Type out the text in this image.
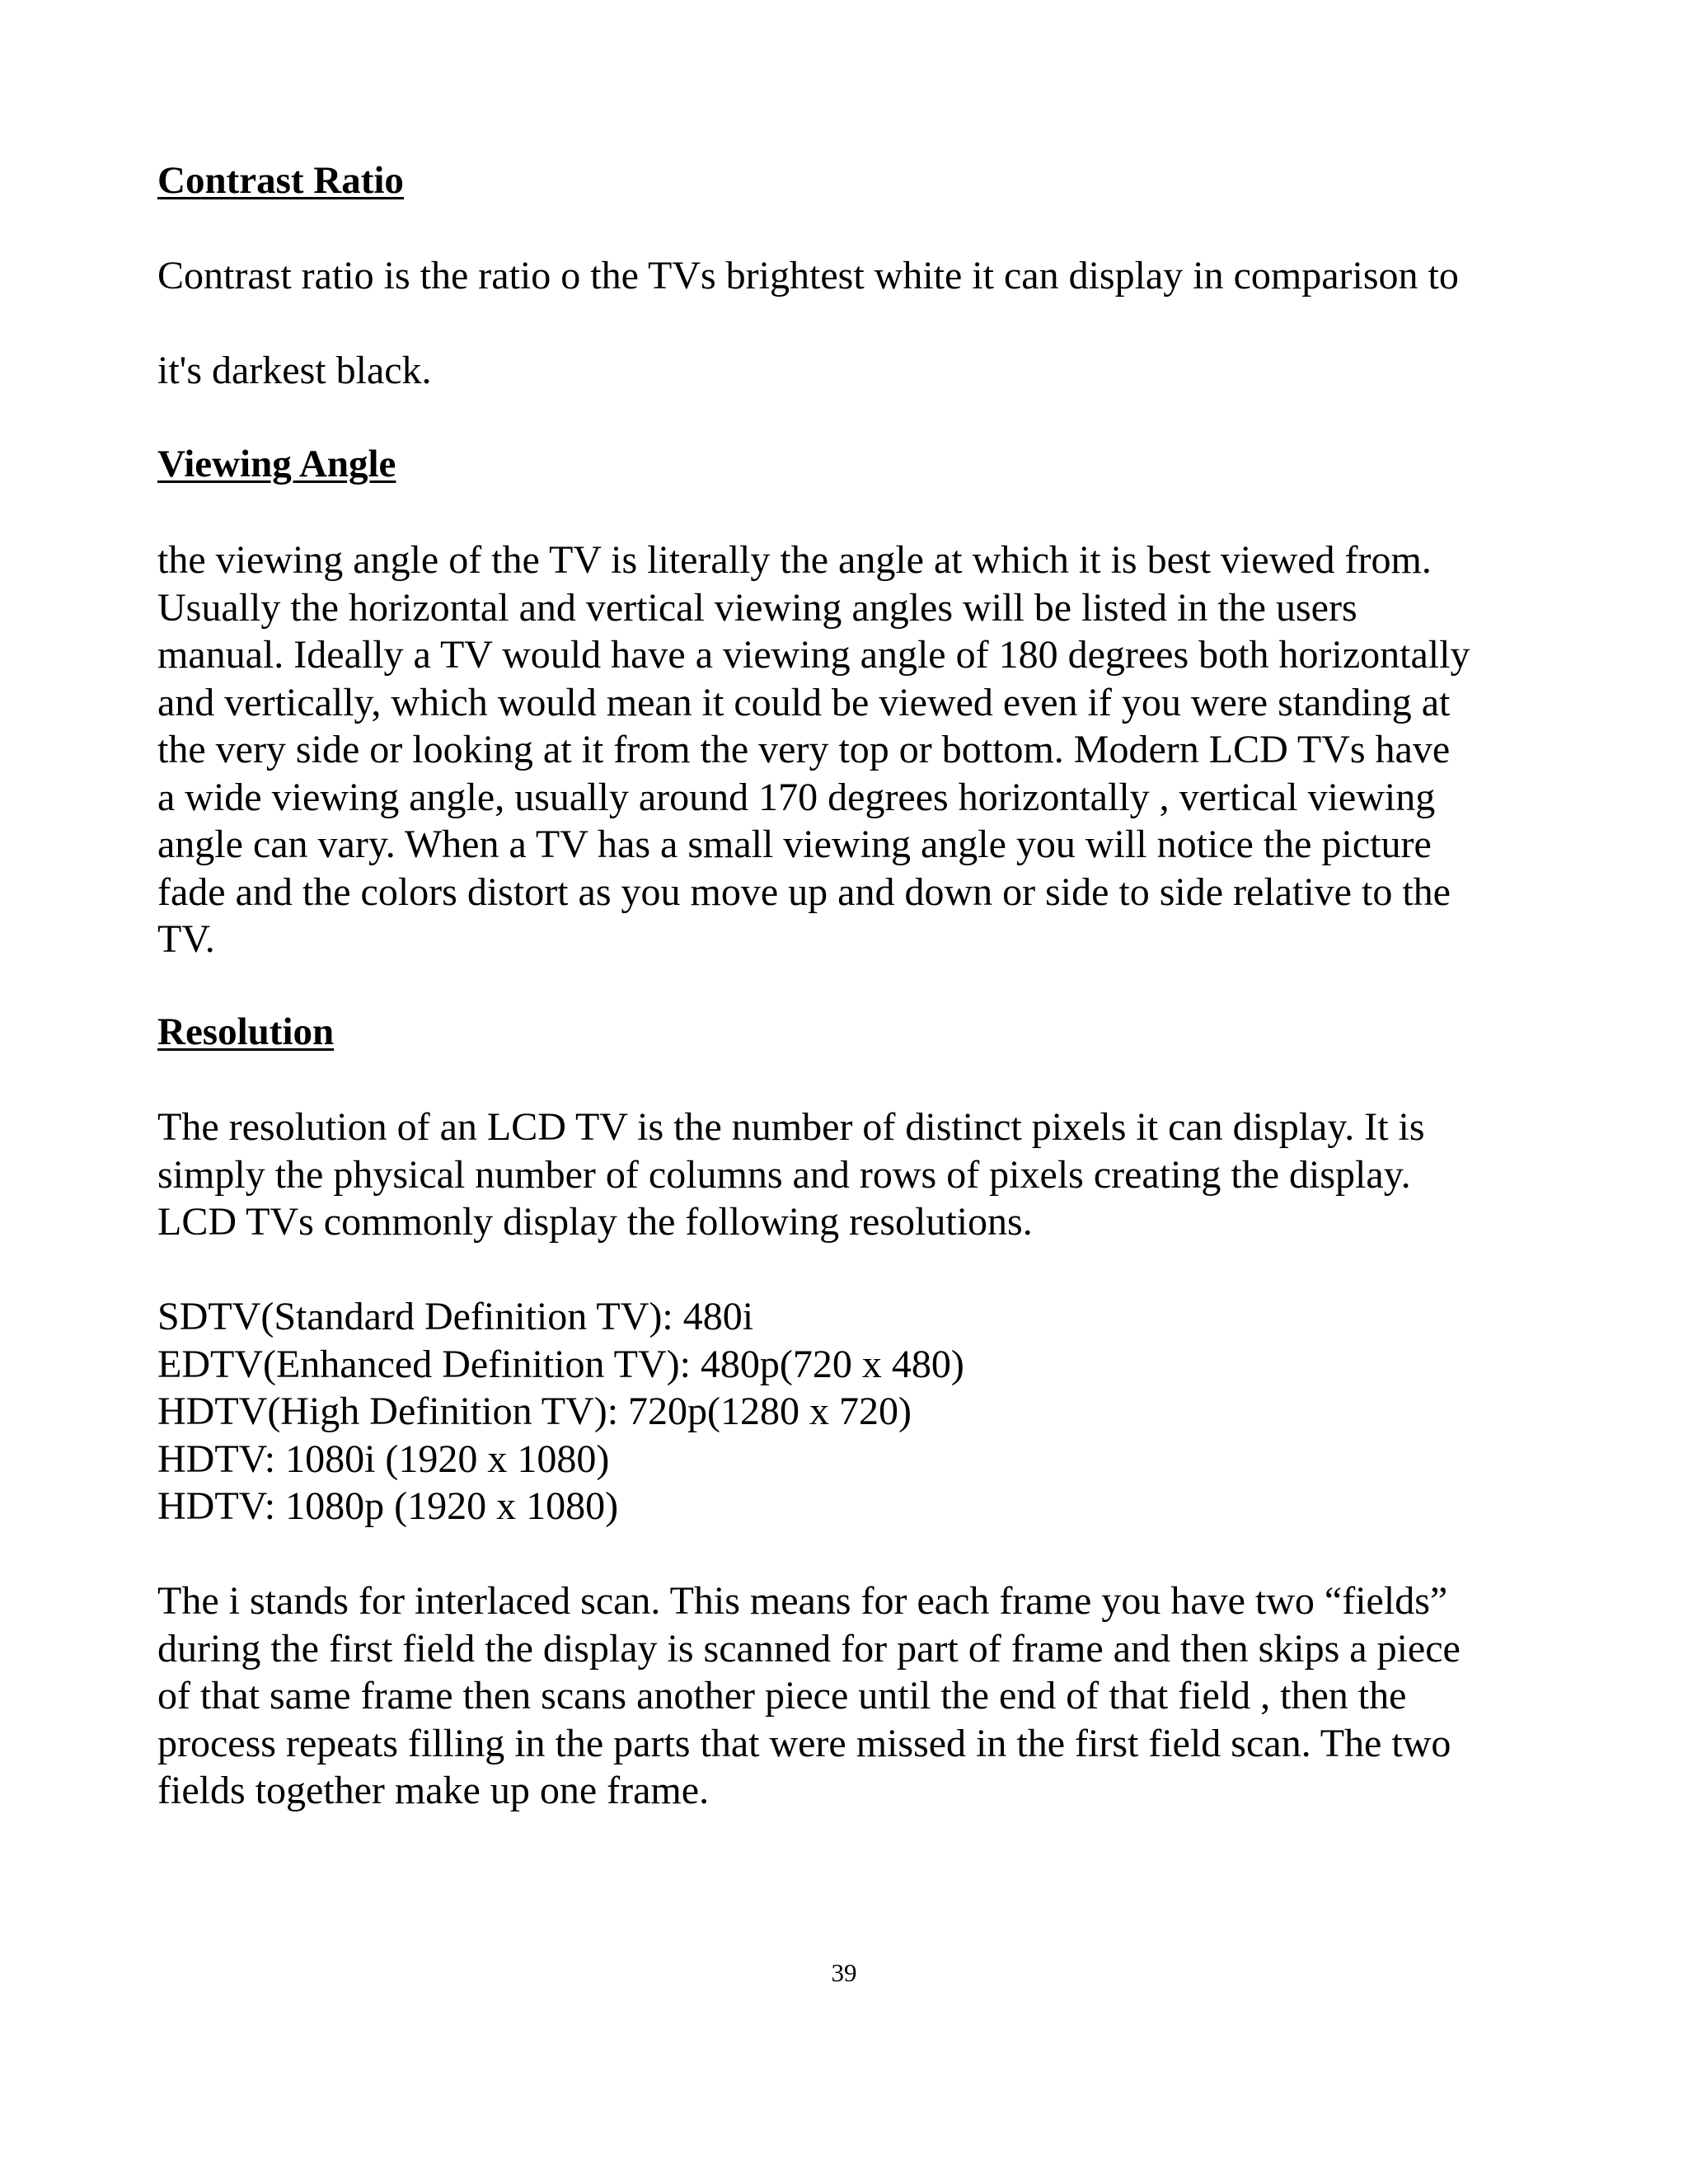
Contrast Ratio

Contrast ratio is the ratio o the TVs brightest white it can display in comparison to

it's darkest black.

Viewing Angle
the viewing angle of the TV is literally the angle at which it is best viewed from.
Usually the horizontal and vertical viewing angles will be listed in the users
manual. Ideally a TV would have a viewing angle of 180 degrees both horizontally
and vertically, which would mean it could be viewed even if you were standing at
the very side or looking at it from the very top or bottom. Modern LCD TVs have
a wide viewing angle, usually around 170 degrees horizontally , vertical viewing
angle can vary. When a TV has a small viewing angle you will notice the picture
fade and the colors distort as you move up and down or side to side relative to the
TV.
Resolution
The resolution of an LCD TV is the number of distinct pixels it can display. It is
simply the physical number of columns and rows of pixels creating the display.
LCD TVs commonly display the following resolutions.
SDTV(Standard Definition TV): 480i
EDTV(Enhanced Definition TV): 480p(720 x 480)
HDTV(High Definition TV): 720p(1280 x 720)
HDTV: 1080i (1920 x 1080)
HDTV: 1080p (1920 x 1080)
The i stands for interlaced scan. This means for each frame you have two “fields”
during the first field the display is scanned for part of frame and then skips a piece
of that same frame then scans another piece until the end of that field , then the
process repeats filling in the parts that were missed in the first field scan. The two
fields together make up one frame.
39
